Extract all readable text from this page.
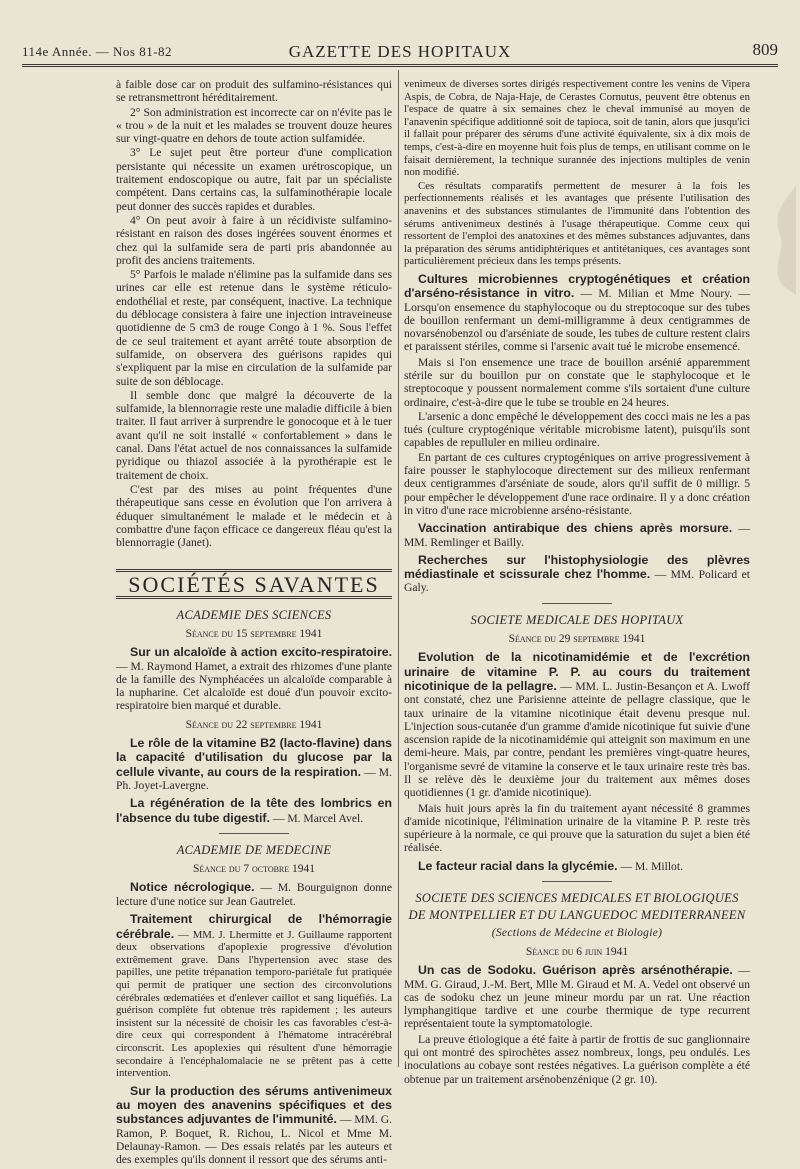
114e Année. — Nos 81-82	GAZETTE DES HOPITAUX	809

à faible dose car on produit des sulfamino-résistances qui se retransmettront héréditairement.

2° Son administration est incorrecte car on n'évite pas le « trou » de la nuit et les malades se trouvent douze heures sur vingt-quatre en dehors de toute action sulfamidée.

3° Le sujet peut être porteur d'une complication persistante qui nécessite un examen urétroscopique, un traitement endoscopique ou autre, fait par un spécialiste compétent. Dans certains cas, la sulfaminothérapie locale peut donner des succès rapides et durables.

4° On peut avoir à faire à un récidiviste sulfamino-résistant en raison des doses ingérées souvent énormes et chez qui la sulfamide sera de parti pris abandonnée au profit des anciens traitements.

5° Parfois le malade n'élimine pas la sulfamide dans ses urines car elle est retenue dans le système réticulo-endothélial et reste, par conséquent, inactive. La technique du déblocage consistera à faire une injection intraveineuse quotidienne de 5 cm3 de rouge Congo à 1 %. Sous l'effet de ce seul traitement et ayant arrêté toute absorption de sulfamide, on observera des guérisons rapides qui s'expliquent par la mise en circulation de la sulfamide par suite de son déblocage.

Il semble donc que malgré la découverte de la sulfamide, la blennorragie reste une maladie difficile à bien traiter. Il faut arriver à surprendre le gonocoque et à le tuer avant qu'il ne soit installé « confortablement » dans le canal. Dans l'état actuel de nos connaissances la sulfamide pyridique ou thiazol associée à la pyrothérapie est le traitement de choix.

C'est par des mises au point fréquentes d'une thérapeutique sans cesse en évolution que l'on arrivera à éduquer simultanément le malade et le médecin et à combattre d'une façon efficace ce dangereux fléau qu'est la blennorragie (Janet).

SOCIÉTÉS SAVANTES
ACADEMIE DES SCIENCES
Séance du 15 septembre 1941

Sur un alcaloïde à action excito-respiratoire. — M. Raymond Hamet, a extrait des rhizomes d'une plante de la famille des Nymphéacées un alcaloïde comparable à la nupharine. Cet alcaloïde est doué d'un pouvoir excito-respiratoire bien marqué et durable.

Séance du 22 septembre 1941

Le rôle de la vitamine B2 (lacto-flavine) dans la capacité d'utilisation du glucose par la cellule vivante, au cours de la respiration. — M. Ph. Joyet-Lavergne.

La régénération de la tête des lombrics en l'absence du tube digestif. — M. Marcel Avel.

ACADEMIE DE MEDECINE
Séance du 7 octobre 1941

Notice nécrologique. — M. Bourguignon donne lecture d'une notice sur Jean Gautrelet.

Traitement chirurgical de l'hémorragie cérébrale. — MM. J. Lhermitte et J. Guillaume rapportent deux observations d'apoplexie progressive d'évolution extrêmement grave. Dans l'hypertension avec stase des papilles, une petite trépanation temporo-pariétale fut pratiquée qui permit de pratiquer une section des circonvolutions cérébrales œdematiées et d'enlever caillot et sang liquéfiés. La guérison complète fut obtenue très rapidement ; les auteurs insistent sur la nécessité de choisir les cas favorables c'est-à-dire ceux qui correspondent à l'hématome intracérébral circonscrit. Les apoplexies qui résultent d'une hémorragie secondaire à l'encéphalomalacie ne se prêtent pas à cette intervention.

Sur la production des sérums antivenimeux au moyen des anavenins spécifiques et des substances adjuvantes de l'immunité. — MM. G. Ramon, P. Boquet, R. Richou, L. Nicol et Mme M. Delaunay-Ramon. — Des essais relatés par les auteurs et des exemples qu'ils donnent il ressort que des sérums anti-

venimeux de diverses sortes dirigés respectivement contre les venins de Vipera Aspis, de Cobra, de Naja-Haje, de Cerastes Cornutus, peuvent être obtenus en l'espace de quatre à six semaines chez le cheval immunisé au moyen de l'anavenin spécifique additionné soit de tapioca, soit de tanin, alors que jusqu'ici il fallait pour préparer des sérums d'une activité équivalente, six à dix mois de temps, c'est-à-dire en moyenne huit fois plus de temps, en utilisant comme on le faisait dernièrement, la technique surannée des injections multiples de venin non modifié.

Ces résultats comparatifs permettent de mesurer à la fois les perfectionnements réalisés et les avantages que présente l'utilisation des anavenins et des substances stimulantes de l'immunité dans l'obtention des sérums antivenimeux destinés à l'usage thérapeutique. Comme ceux qui ressortent de l'emploi des anatoxines et des mêmes substances adjuvantes, dans la préparation des sérums antidiphtériques et antitétaniques, ces avantages sont particulièrement précieux dans les temps présents.

Cultures microbiennes cryptogénétiques et création d'arséno-résistance in vitro. — M. Milian et Mme Noury. — Lorsqu'on ensemence du staphylocoque ou du streptocoque sur des tubes de bouillon renfermant un demi-milligramme à deux centigrammes de novarsénobenzol ou d'arséniate de soude, les tubes de culture restent clairs et paraissent stériles, comme si l'arsenic avait tué le microbe ensemencé.

Mais si l'on ensemence une trace de bouillon arsénié apparemment stérile sur du bouillon pur on constate que le staphylocoque et le streptocoque y poussent normalement comme s'ils sortaient d'une culture ordinaire, c'est-à-dire que le tube se trouble en 24 heures.

L'arsenic a donc empêché le développement des cocci mais ne les a pas tués (culture cryptogénique véritable microbisme latent), puisqu'ils sont capables de repulluler en milieu ordinaire.

En partant de ces cultures cryptogéniques on arrive progressivement à faire pousser le staphylocoque directement sur des milieux renfermant deux centigrammes d'arséniate de soude, alors qu'il suffit de 0 milligr. 5 pour empêcher le développement d'une race ordinaire. Il y a donc création in vitro d'une race microbienne arséno-résistante.

Vaccination antirabique des chiens après morsure. — MM. Remlinger et Bailly.

Recherches sur l'histophysiologie des plèvres médiastinale et scissurale chez l'homme. — MM. Policard et Galy.

SOCIETE MEDICALE DES HOPITAUX
Séance du 29 septembre 1941

Evolution de la nicotinamidémie et de l'excrétion urinaire de vitamine P. P. au cours du traitement nicotinique de la pellagre. — MM. L. Justin-Besançon et A. Lwoff ont constaté, chez une Parisienne atteinte de pellagre classique, que le taux urinaire de la vitamine nicotinique était devenu presque nul. L'injection sous-cutanée d'un gramme d'amide nicotinique fut suivie d'une ascension rapide de la nicotinamidémie qui atteignit son maximum en une demi-heure. Mais, par contre, pendant les premières vingt-quatre heures, l'organisme sevré de vitamine la conserve et le taux urinaire reste très bas. Il se relève dès le deuxième jour du traitement aux mêmes doses quotidiennes (1 gr. d'amide nicotinique).

Mais huit jours après la fin du traitement ayant nécessité 8 grammes d'amide nicotinique, l'élimination urinaire de la vitamine P. P. reste très supérieure à la normale, ce qui prouve que la saturation du sujet a bien été réalisée.

Le facteur racial dans la glycémie. — M. Millot.

SOCIETE DES SCIENCES MEDICALES ET BIOLOGIQUES
DE MONTPELLIER ET DU LANGUEDOC MEDITERRANEEN
(Sections de Médecine et Biologie)
Séance du 6 juin 1941

Un cas de Sodoku. Guérison après arsénothérapie. — MM. G. Giraud, J.-M. Bert, Mlle M. Giraud et M. A. Vedel ont observé un cas de sodoku chez un jeune mineur mordu par un rat. Une réaction lymphangitique tardive et une courbe thermique de type recurrent représentaient toute la symptomatologie.

La preuve étiologique a été faite à partir de frottis de suc ganglionnaire qui ont montré des spirochètes assez nombreux, longs, peu ondulés. Les inoculations au cobaye sont restées négatives. La guérison complète a été obtenue par un traitement arsénobenzénique (2 gr. 10).
